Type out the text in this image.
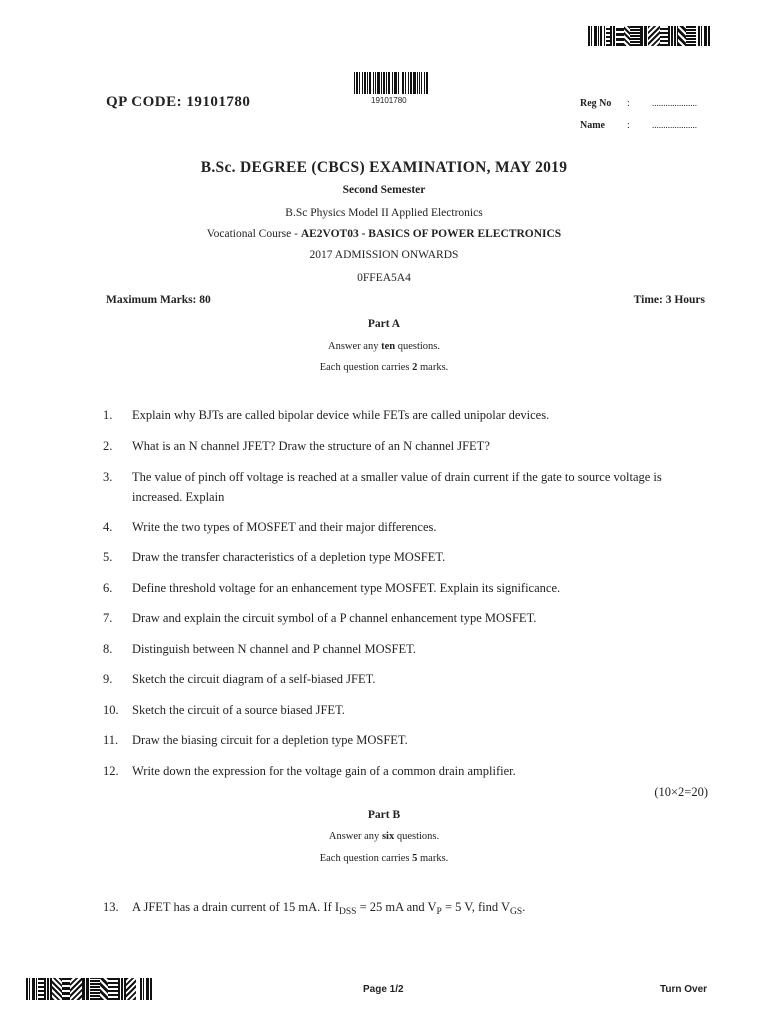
QP CODE: 19101780	19101780	Reg No : ....................
Name : ....................
B.Sc. DEGREE (CBCS) EXAMINATION, MAY 2019
Second Semester
B.Sc Physics Model II Applied Electronics
Vocational Course - AE2VOT03 - BASICS OF POWER ELECTRONICS
2017 ADMISSION ONWARDS
0FFEA5A4
Maximum Marks: 80	Time: 3 Hours
Part A
Answer any ten questions.
Each question carries 2 marks.
1.	Explain why BJTs are called bipolar device while FETs are called unipolar devices.
2.	What is an N channel JFET? Draw the structure of an N channel JFET?
3.	The value of pinch off voltage is reached at a smaller value of drain current if the gate to source voltage is increased. Explain
4.	Write the two types of MOSFET and their major differences.
5.	Draw the transfer characteristics of a depletion type MOSFET.
6.	Define threshold voltage for an enhancement type MOSFET. Explain its significance.
7.	Draw and explain the circuit symbol of a P channel enhancement type MOSFET.
8.	Distinguish between N channel and P channel MOSFET.
9.	Sketch the circuit diagram of a self-biased JFET.
10.	Sketch the circuit of a source biased JFET.
11.	Draw the biasing circuit for a depletion type MOSFET.
12.	Write down the expression for the voltage gain of a common drain amplifier.
(10×2=20)
Part B
Answer any six questions.
Each question carries 5 marks.
13.	A JFET has a drain current of 15 mA. If $I_{DSS} = 25$ mA and $V_P = 5$ V, find $V_{GS}$.
Page 1/2	Turn Over
